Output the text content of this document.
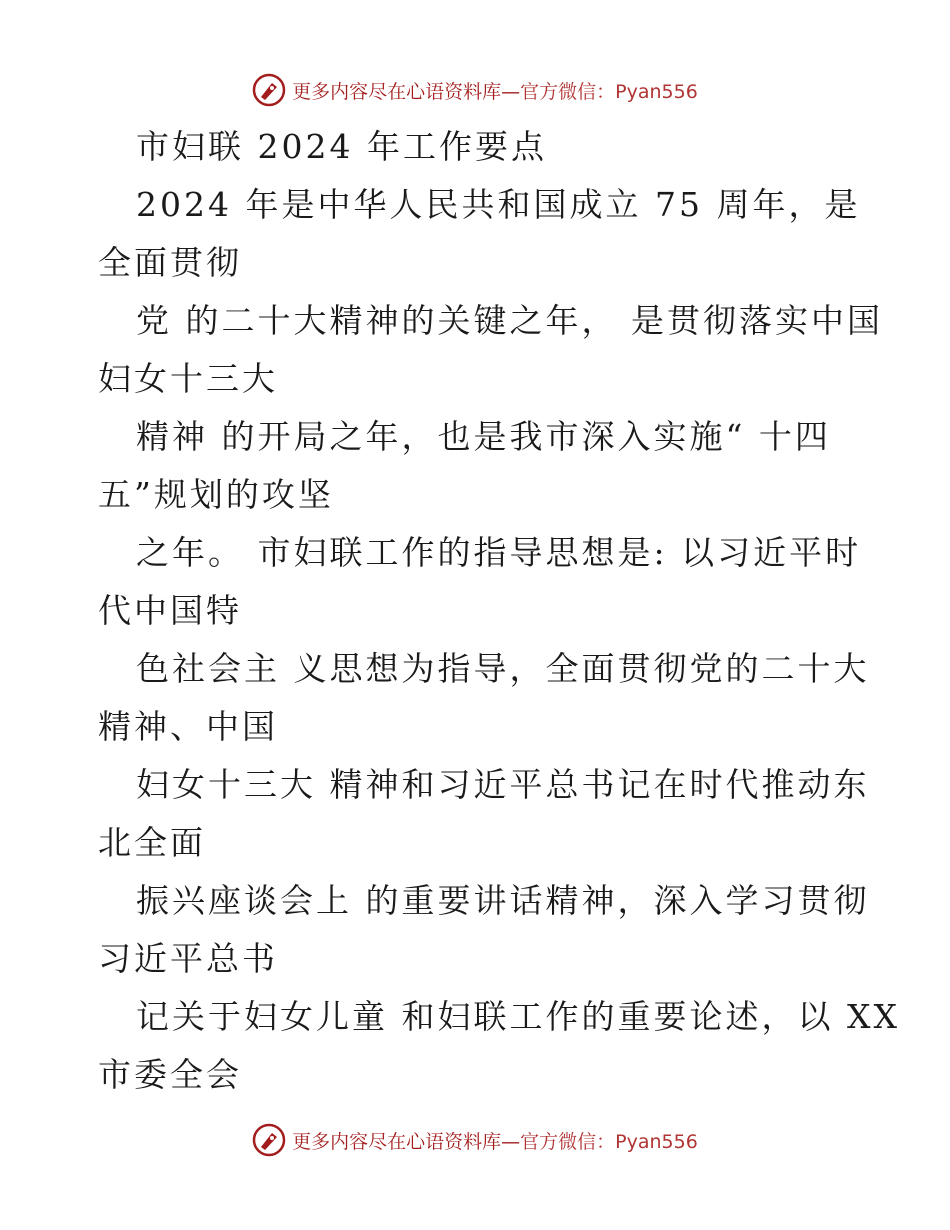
更多内容尽在心语资料库—官方微信：Pyan556
市妇联 2024 年工作要点
2024 年是中华人民共和国成立 75 周年，是
全面贯彻
党 的二十大精神的关键之年， 是贯彻落实中国
妇女十三大
精神 的开局之年，也是我市深入实施“ 十四
五”规划的攻坚
之年。 市妇联工作的指导思想是: 以习近平时
代中国特
色社会主 义思想为指导，全面贯彻党的二十大
精神、中国
妇女十三大 精神和习近平总书记在时代推动东
北全面
振兴座谈会上 的重要讲话精神，深入学习贯彻
习近平总书
记关于妇女儿童 和妇联工作的重要论述，以 XX
市委全会
更多内容尽在心语资料库—官方微信：Pyan556
